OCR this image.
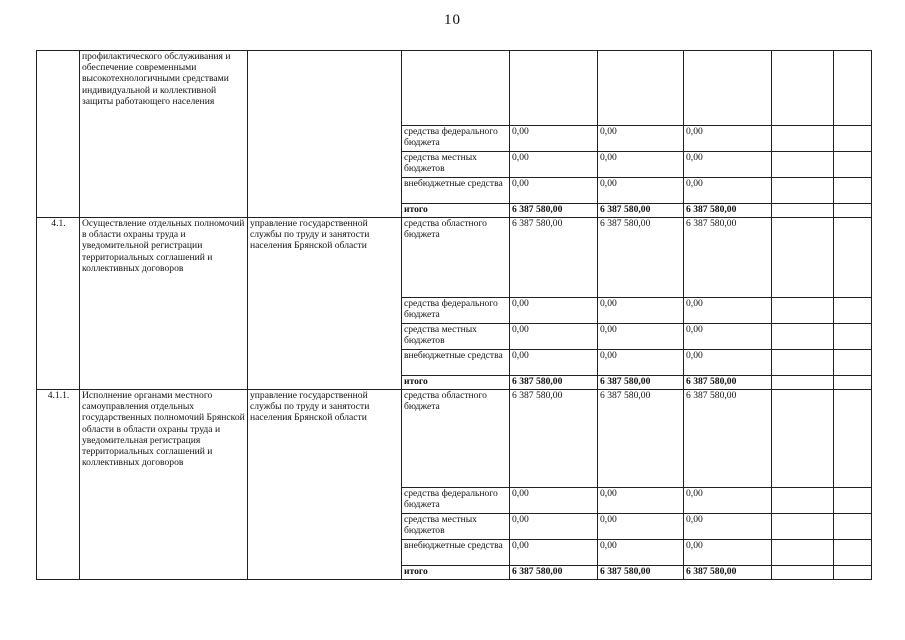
10
	профилактического обслуживания и обеспечение современными высокотехнологичными средствами индивидуальной и коллективной защиты работающего населения							
			средства федерального бюджета	0,00	0,00	0,00		
			средства местных бюджетов	0,00	0,00	0,00		
			внебюджетные средства	0,00	0,00	0,00		
			итого	6 387 580,00	6 387 580,00	6 387 580,00		
4.1.	Осуществление отдельных полномочий в области охраны труда и уведомительной регистрации территориальных соглашений и коллективных договоров	управление государственной службы по труду и занятости населения Брянской области	средства областного бюджета	6 387 580,00	6 387 580,00	6 387 580,00		
			средства федерального бюджета	0,00	0,00	0,00		
			средства местных бюджетов	0,00	0,00	0,00		
			внебюджетные средства	0,00	0,00	0,00		
			итого	6 387 580,00	6 387 580,00	6 387 580,00		
4.1.1.	Исполнение органами местного самоуправления отдельных государственных полномочий Брянской области в области охраны труда и уведомительная регистрация территориальных соглашений и коллективных договоров	управление государственной службы по труду и занятости населения Брянской области	средства областного бюджета	6 387 580,00	6 387 580,00	6 387 580,00		
			средства федерального бюджета	0,00	0,00	0,00		
			средства местных бюджетов	0,00	0,00	0,00		
			внебюджетные средства	0,00	0,00	0,00		
			итого	6 387 580,00	6 387 580,00	6 387 580,00		
